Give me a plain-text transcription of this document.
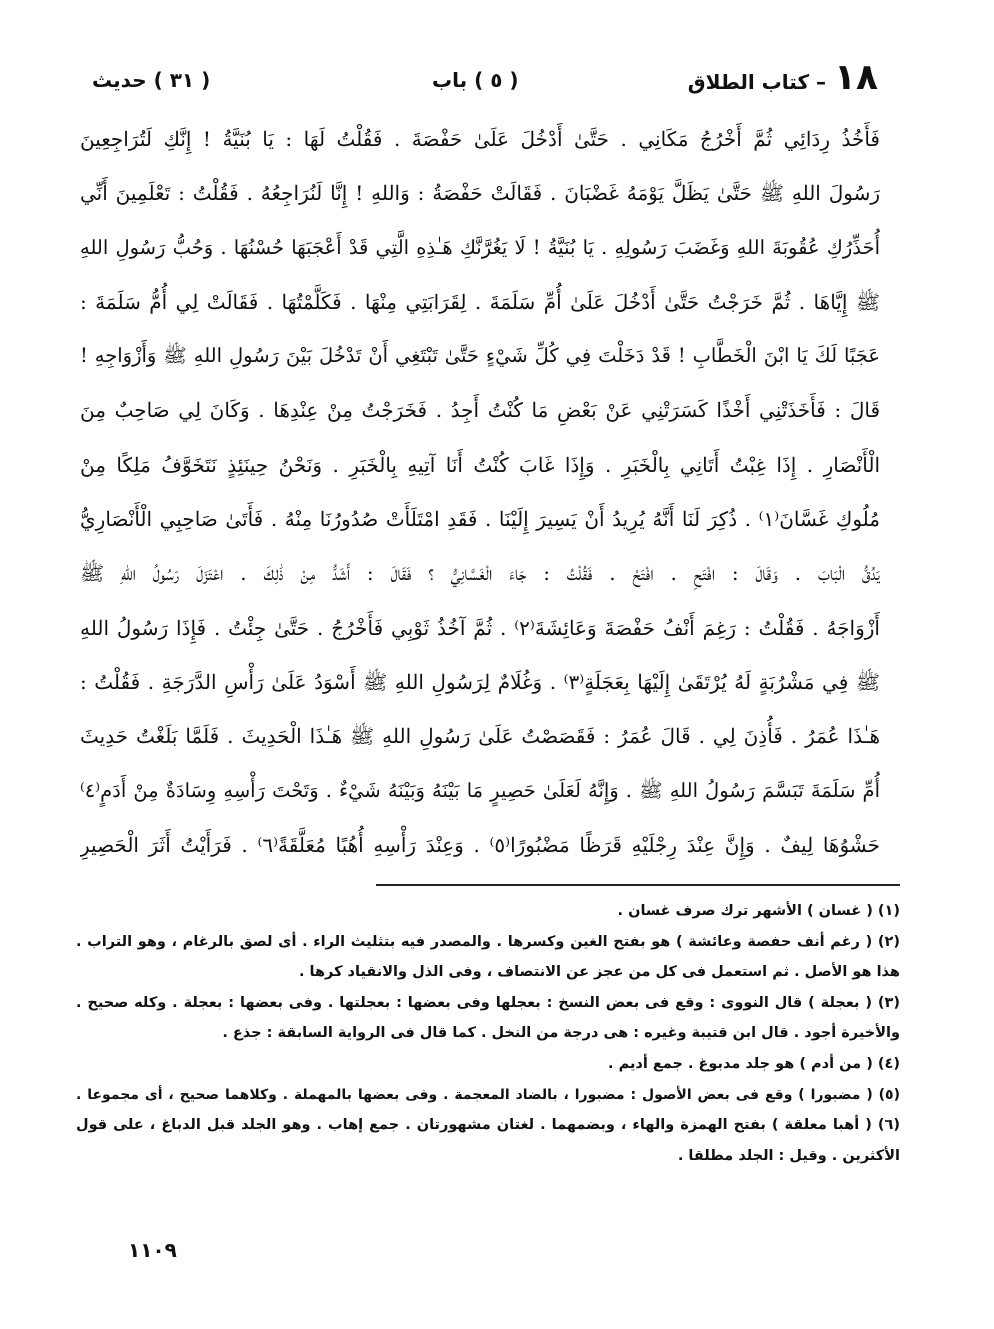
١٨
– كتاب الطلاق
( ٥ ) باب
( ٣١ ) حديث
فَأَخُذُ رِدَائِي ثُمَّ أَخْرُجُ مَكَانِي . حَتَّىٰ أَدْخُلَ عَلَىٰ حَفْصَةَ . فَقُلْتُ لَهَا : يَا بُنَيَّةُ ! إِنَّكِ لَتُرَاجِعِينَ
رَسُولَ اللهِ ﷺ حَتَّىٰ يَظَلَّ يَوْمَهُ غَضْبَانَ . فَقَالَتْ حَفْصَةُ : وَاللهِ ! إِنَّا لَنُرَاجِعُهُ . فَقُلْتُ : تَعْلَمِينَ أَنِّي
أُحَذِّرُكِ عُقُوبَةَ اللهِ وَغَضَبَ رَسُولِهِ . يَا بُنَيَّةُ ! لَا يَغُرَّنَّكِ هَـٰذِهِ الَّتِي قَدْ أَعْجَبَهَا حُسْنُهَا . وَحُبُّ رَسُولِ اللهِ
ﷺ إِيَّاهَا . ثُمَّ خَرَجْتُ حَتَّىٰ أَدْخُلَ عَلَىٰ أُمِّ سَلَمَةَ . لِقَرَابَتِي مِنْهَا . فَكَلَّمْتُهَا . فَقَالَتْ لِي أُمُّ سَلَمَةَ :
عَجَبًا لَكَ يَا ابْنَ الْخَطَّابِ ! قَدْ دَخَلْتَ فِي كُلِّ شَيْءٍ حَتَّىٰ تَبْتَغِي أَنْ تَدْخُلَ بَيْنَ رَسُولِ اللهِ ﷺ وَأَزْوَاجِهِ !
قَالَ : فَأَخَذَتْنِي أَخْذًا كَسَرَتْنِي عَنْ بَعْضِ مَا كُنْتُ أَجِدُ . فَخَرَجْتُ مِنْ عِنْدِهَا . وَكَانَ لِي صَاحِبٌ مِنَ
الْأَنْصَارِ . إِذَا غِبْتُ أَتَانِي بِالْخَبَرِ . وَإِذَا غَابَ كُنْتُ أَنَا آتِيهِ بِالْخَبَرِ . وَنَحْنُ حِينَئِذٍ نَتَخَوَّفُ مَلِكًا مِنْ
مُلُوكِ غَسَّانَ⁽١⁾ . ذُكِرَ لَنَا أَنَّهُ يُرِيدُ أَنْ يَسِيرَ إِلَيْنَا . فَقَدِ امْتَلَأَتْ صُدُورُنَا مِنْهُ . فَأَتَىٰ صَاحِبِي الْأَنْصَارِيُّ
يَدُقُّ الْبَابَ . وَقَالَ : افْتَحِ . افْتَحْ . فَقُلْتُ : جَاءَ الْغَسَّانِيُّ ؟ فَقَالَ : أَشَدُّ مِنْ ذَٰلِكَ . اعْتَزَلَ رَسُولُ اللهِ ﷺ
أَزْوَاجَهُ . فَقُلْتُ : رَغِمَ أَنْفُ حَفْصَةَ وَعَائِشَةَ⁽٢⁾ . ثُمَّ آخُذُ ثَوْبِي فَأَخْرُجُ . حَتَّىٰ جِئْتُ . فَإِذَا رَسُولُ اللهِ
ﷺ فِي مَشْرُبَةٍ لَهُ يُرْتَقَىٰ إِلَيْهَا بِعَجَلَةٍ⁽٣⁾ . وَغُلَامٌ لِرَسُولِ اللهِ ﷺ أَسْوَدُ عَلَىٰ رَأْسِ الدَّرَجَةِ . فَقُلْتُ :
هَـٰذَا عُمَرُ . فَأُذِنَ لِي . قَالَ عُمَرُ : فَقَصَصْتُ عَلَىٰ رَسُولِ اللهِ ﷺ هَـٰذَا الْحَدِيثَ . فَلَمَّا بَلَغْتُ حَدِيثَ
أُمِّ سَلَمَةَ تَبَسَّمَ رَسُولُ اللهِ ﷺ . وَإِنَّهُ لَعَلَىٰ حَصِيرٍ مَا بَيْنَهُ وَبَيْنَهُ شَيْءٌ . وَتَحْتَ رَأْسِهِ وِسَادَةٌ مِنْ أَدَمٍ⁽٤⁾
حَشْوُهَا لِيفٌ . وَإِنَّ عِنْدَ رِجْلَيْهِ قَرَظًا مَضْبُورًا⁽٥⁾ . وَعِنْدَ رَأْسِهِ أُهُبًا مُعَلَّقَةً⁽٦⁾ . فَرَأَيْتُ أَثَرَ الْحَصِيرِ
(١) ( غسان ) الأشهر ترك صرف غسان .
(٢) ( رغم أنف حفصة وعائشة ) هو بفتح الغين وكسرها . والمصدر فيه بتثليث الراء . أى لصق بالرغام ، وهو التراب .
هذا هو الأصل . ثم استعمل فى كل من عجز عن الانتصاف ، وفى الذل والانقياد كرها .
(٣) ( بعجلة ) قال النووى : وقع فى بعض النسخ : بعجلها وفى بعضها : بعجلتها . وفى بعضها : بعجلة . وكله صحيح .
والأخيرة أجود . قال ابن قتيبة وغيره : هى درجة من النخل . كما قال فى الرواية السابقة : جذع .
(٤) ( من أدم ) هو جلد مدبوغ . جمع أديم .
(٥) ( مضبورا ) وقع فى بعض الأصول : مضبورا ، بالضاد المعجمة . وفى بعضها بالمهملة . وكلاهما صحيح ، أى مجموعا .
(٦) ( أهبا معلقة ) بفتح الهمزة والهاء ، وبضمهما . لغتان مشهورتان . جمع إهاب . وهو الجلد قبل الدباغ ، على قول
الأكثرين . وقيل : الجلد مطلقا .
١١٠٩
